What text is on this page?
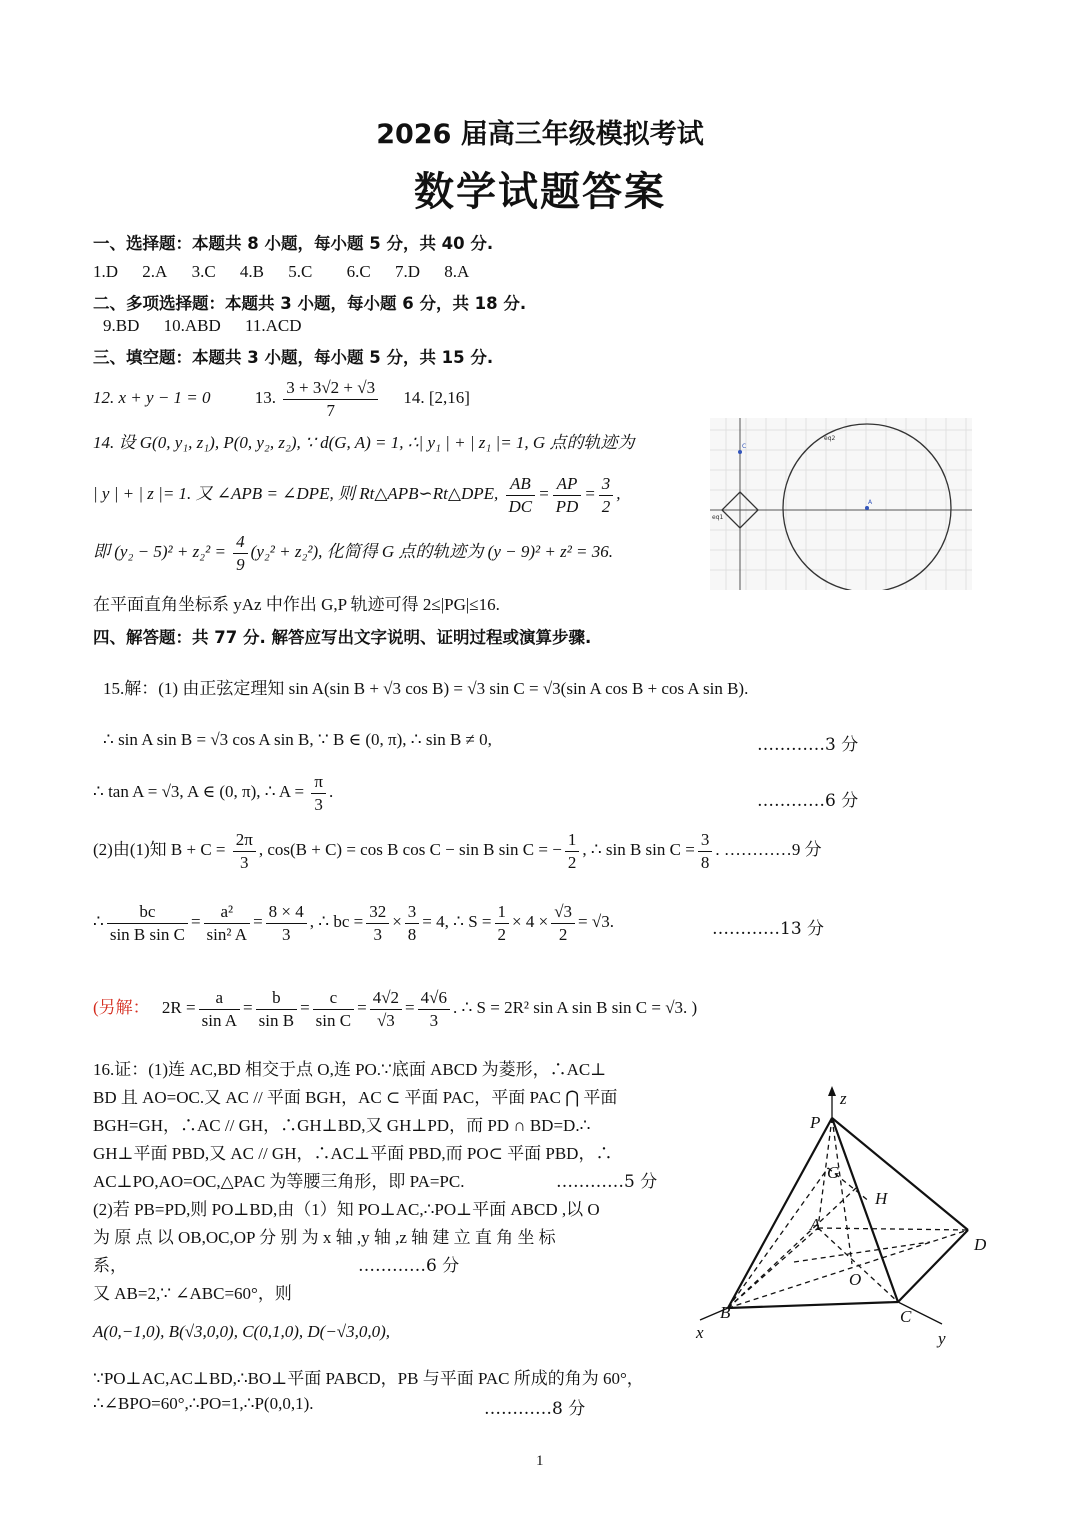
2026 届高三年级模拟考试
数学试题答案
一、选择题：本题共 8 小题，每小题 5 分，共 40 分.
1.D 2.A 3.C 4.B 5.C 6.C 7.D 8.A
二、多项选择题：本题共 3 小题，每小题 6 分，共 18 分.
9.BD 10.ABD 11.ACD
三、填空题：本题共 3 小题，每小题 5 分，共 15 分.
12. x + y − 1 = 0	13. $\frac{3 + 3√2 + √3}{7} 14$. [2,16]
14. 设 G(0, y₁, z₁), P(0, y₂, z₂), ∵ d(G, A) = 1, ∴| y₁ | + | z₁ |= 1, G 点的轨迹为
| y | + | z |= 1. 又 ∠APB = ∠DPE, 则 Rt△APB∽Rt△DPE, $\frac{AB}{DC} = \frac{AP}{PD} = \frac{3}{2}$ ,
即 $(y_2 - 5)^2 + z_2^2 = \frac{4}{9} (y_2^2 + z_2^2)$, 化简得 G 点的轨迹为 (y − 9)² + z² = 36.
在平面直角坐标系 yAz 中作出 G,P 轨迹可得 2≤|PG|≤16.
eq2
eq1
C
A
四、解答题：共 77 分. 解答应写出文字说明、证明过程或演算步骤.
15.解：(1) 由正弦定理知 sin A(sin B + √3 cos B) = √3 sin C = √3(sin A cos B + cos A sin B).
∴ sin A sin B = √3 cos A sin B, ∵ B ∈ (0, π), ∴ sin B ≠ 0,	…………3 分
∴ tan A = √3, A ∈ (0, π), ∴ $A = \frac{\pi}{3}$ .	…………6 分
(2)由(1)知 $B + C = \frac{2\pi}{3}$ , cos(B + C) = cos B cos C − sin B sin C = − $\frac{1}{2}$ , ∴ sin B $\sin C = \frac{3}{8}$ . …………9 分
∴ $\frac{bc}{\text{sin B sin C}} = \frac{\text{a²}}{\text{sin² A}} = \frac{8 \times 4}{3}$ , ∴ bc = $\frac{32}{3} \times \frac{3}{8} = 4$, ∴ $S = \frac{1}{2} \times 4 \times \frac{√3}{2} = √3$.	…………13 分
(另解： $2R = \frac{a}{\text{sin A}} = \frac{b}{\text{sin B}} = \frac{c}{\text{sin C}} = \frac{4√2}{√3} = \frac{4√6}{3}$ . ∴ S = 2R² sin A sin B sin C = √3. )
16.证：(1)连 AC,BD 相交于点 O,连 PO.∵底面 ABCD 为菱形，∴AC⊥
BD 且 AO=OC.又 AC // 平面 BGH，AC ⊂ 平面 PAC，平面 PAC ⋂ 平面
BGH=GH，∴AC // GH，∴GH⊥BD,又 GH⊥PD，而 PD ∩ BD=D.∴
GH⊥平面 PBD,又 AC // GH，∴AC⊥平面 PBD,而 PO⊂ 平面 PBD，∴
AC⊥PO,AO=OC,△PAC 为等腰三角形，即 PA=PC.	…………5 分
(2)若 PB=PD,则 PO⊥BD,由（1）知 PO⊥AC,∴PO⊥平面 ABCD ,以 O
为 原 点 以 OB,OC,OP 分 别 为 x 轴 ,y 轴 ,z 轴 建 立 直 角 坐 标
系，	…………6 分
又 AB=2,∵ ∠ABC=60°，则
A(0,−1,0), B(√3,0,0), C(0,1,0), D(−√3,0,0),
∵PO⊥AC,AC⊥BD,∴BO⊥平面 PABCD，PB 与平面 PAC 所成的角为 60°，
∴∠BPO=60°,∴PO=1,∴P(0,0,1).	…………8 分
z
P
G
H
A
D
O
B	C
x	y
1
